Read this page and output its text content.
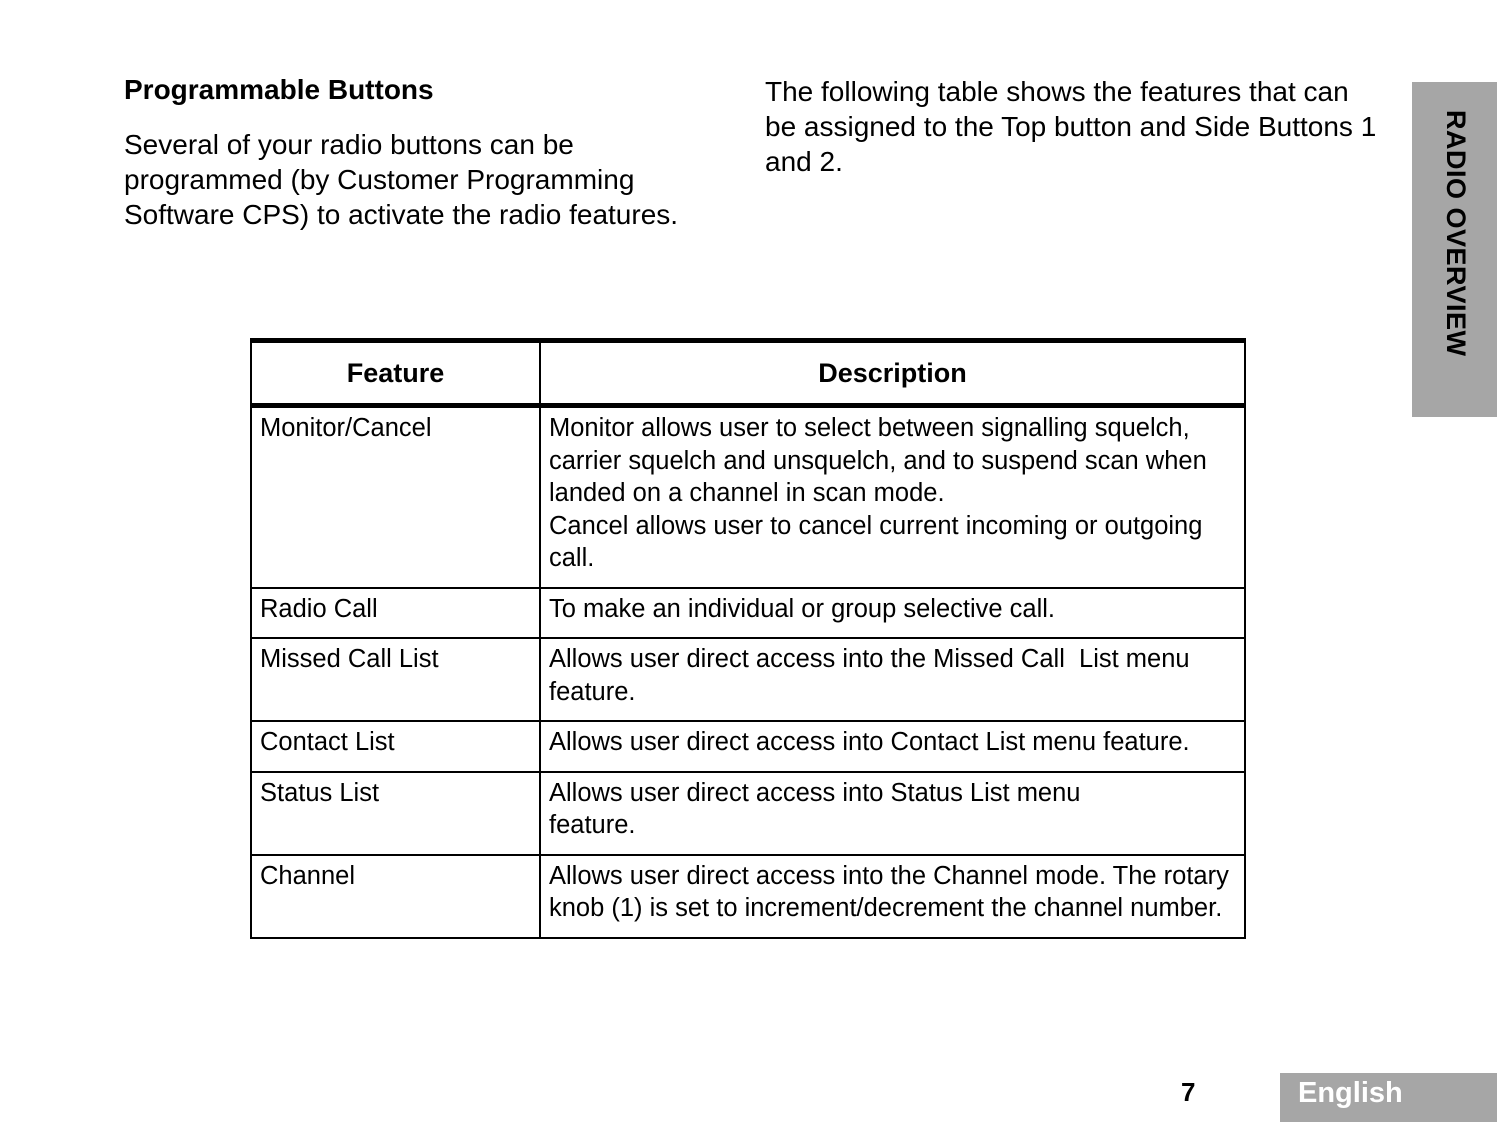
Programmable Buttons

Several of your radio buttons can be programmed (by Customer Programming Software CPS) to activate the radio features.

The following table shows the features that can be assigned to the Top button and Side Buttons 1 and 2.	RADIO OVERVIEW
Feature	Description
Monitor/Cancel	Monitor allows user to select between signalling squelch, carrier squelch and unsquelch, and to suspend scan when landed on a channel in scan mode.
Cancel allows user to cancel current incoming or outgoing call.

Radio Call	To make an individual or group selective call.

Missed Call List	Allows user direct access into the Missed Call  List menu feature.

Contact List	Allows user direct access into Contact List menu feature.

Status List	Allows user direct access into Status List menu feature.

Channel	Allows user direct access into the Channel mode. The rotary knob (1) is set to increment/decrement the channel number.
7	English
